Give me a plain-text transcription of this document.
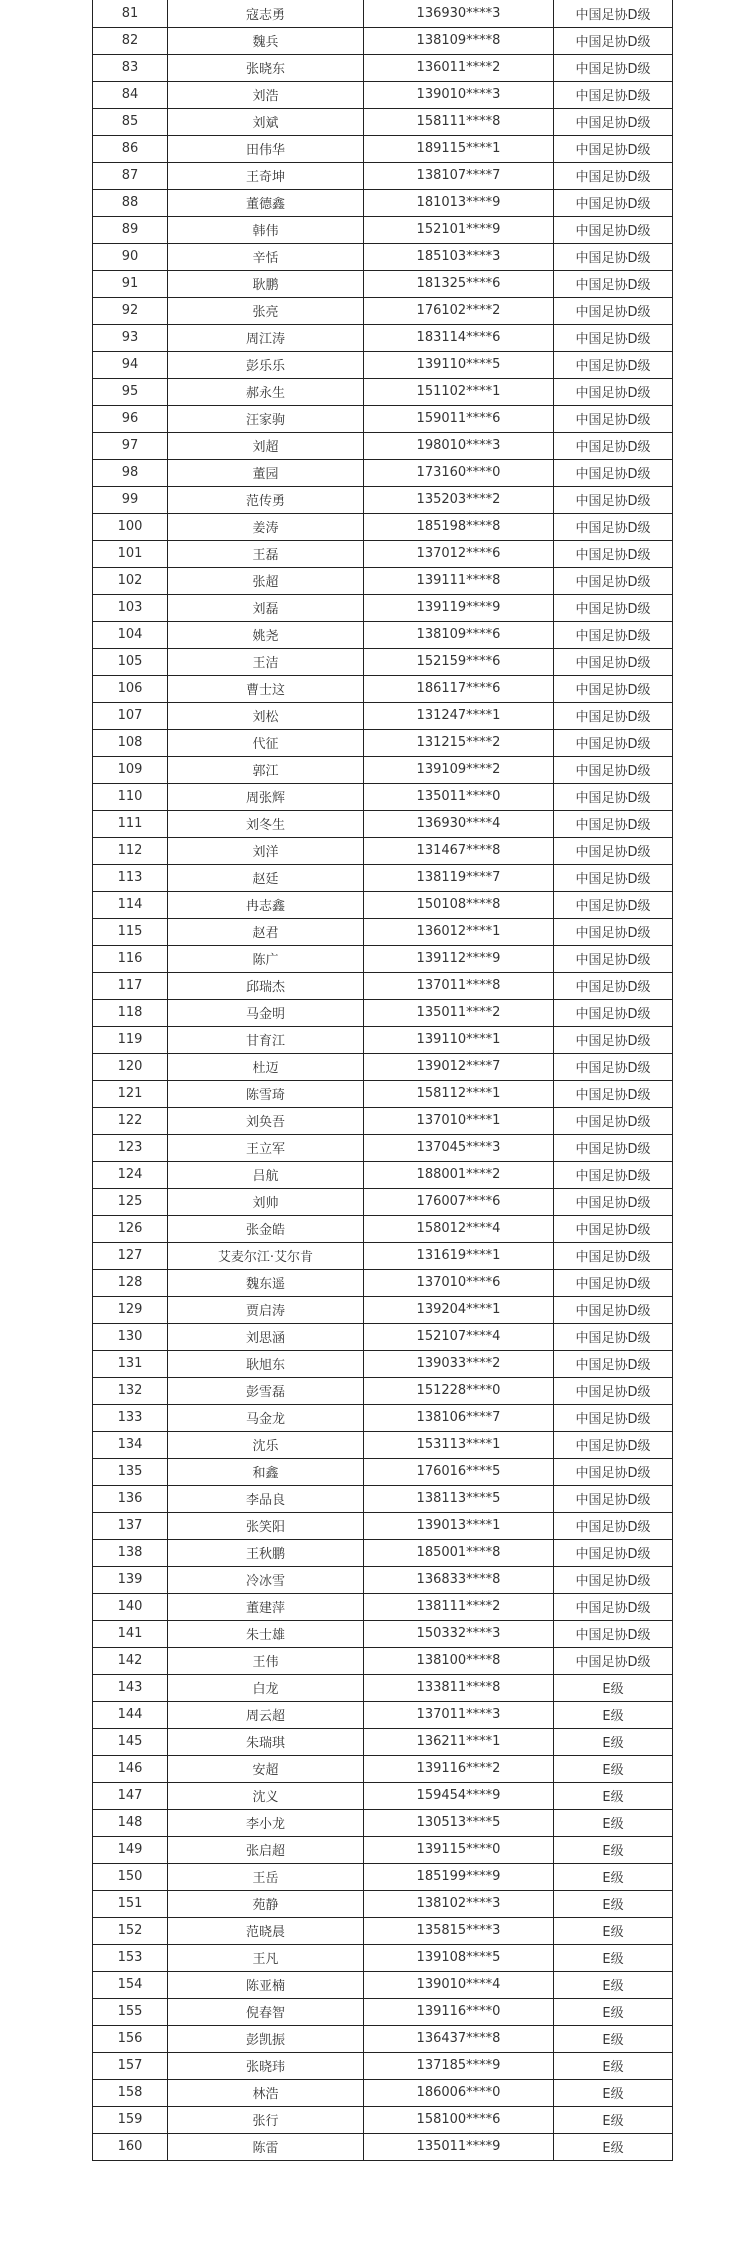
81	寇志勇	136930****3	中国足协D级
82	魏兵	138109****8	中国足协D级
83	张晓东	136011****2	中国足协D级
84	刘浩	139010****3	中国足协D级
85	刘斌	158111****8	中国足协D级
86	田伟华	189115****1	中国足协D级
87	王奇坤	138107****7	中国足协D级
88	董德鑫	181013****9	中国足协D级
89	韩伟	152101****9	中国足协D级
90	辛恬	185103****3	中国足协D级
91	耿鹏	181325****6	中国足协D级
92	张亮	176102****2	中国足协D级
93	周江涛	183114****6	中国足协D级
94	彭乐乐	139110****5	中国足协D级
95	郝永生	151102****1	中国足协D级
96	汪家驹	159011****6	中国足协D级
97	刘超	198010****3	中国足协D级
98	董园	173160****0	中国足协D级
99	范传勇	135203****2	中国足协D级
100	姜涛	185198****8	中国足协D级
101	王磊	137012****6	中国足协D级
102	张超	139111****8	中国足协D级
103	刘磊	139119****9	中国足协D级
104	姚尧	138109****6	中国足协D级
105	王洁	152159****6	中国足协D级
106	曹士这	186117****6	中国足协D级
107	刘松	131247****1	中国足协D级
108	代征	131215****2	中国足协D级
109	郭江	139109****2	中国足协D级
110	周张辉	135011****0	中国足协D级
111	刘冬生	136930****4	中国足协D级
112	刘洋	131467****8	中国足协D级
113	赵廷	138119****7	中国足协D级
114	冉志鑫	150108****8	中国足协D级
115	赵君	136012****1	中国足协D级
116	陈广	139112****9	中国足协D级
117	邱瑞杰	137011****8	中国足协D级
118	马金明	135011****2	中国足协D级
119	甘育江	139110****1	中国足协D级
120	杜迈	139012****7	中国足协D级
121	陈雪琦	158112****1	中国足协D级
122	刘奂吾	137010****1	中国足协D级
123	王立军	137045****3	中国足协D级
124	吕航	188001****2	中国足协D级
125	刘帅	176007****6	中国足协D级
126	张金皓	158012****4	中国足协D级
127	艾麦尔江·艾尔肯	131619****1	中国足协D级
128	魏东遥	137010****6	中国足协D级
129	贾启涛	139204****1	中国足协D级
130	刘思涵	152107****4	中国足协D级
131	耿旭东	139033****2	中国足协D级
132	彭雪磊	151228****0	中国足协D级
133	马金龙	138106****7	中国足协D级
134	沈乐	153113****1	中国足协D级
135	和鑫	176016****5	中国足协D级
136	李品良	138113****5	中国足协D级
137	张笑阳	139013****1	中国足协D级
138	王秋鹏	185001****8	中国足协D级
139	冷冰雪	136833****8	中国足协D级
140	董建萍	138111****2	中国足协D级
141	朱士雄	150332****3	中国足协D级
142	王伟	138100****8	中国足协D级
143	白龙	133811****8	E级
144	周云超	137011****3	E级
145	朱瑞琪	136211****1	E级
146	安超	139116****2	E级
147	沈义	159454****9	E级
148	李小龙	130513****5	E级
149	张启超	139115****0	E级
150	王岳	185199****9	E级
151	苑静	138102****3	E级
152	范晓晨	135815****3	E级
153	王凡	139108****5	E级
154	陈亚楠	139010****4	E级
155	倪春智	139116****0	E级
156	彭凯振	136437****8	E级
157	张晓玮	137185****9	E级
158	林浩	186006****0	E级
159	张行	158100****6	E级
160	陈雷	135011****9	E级
